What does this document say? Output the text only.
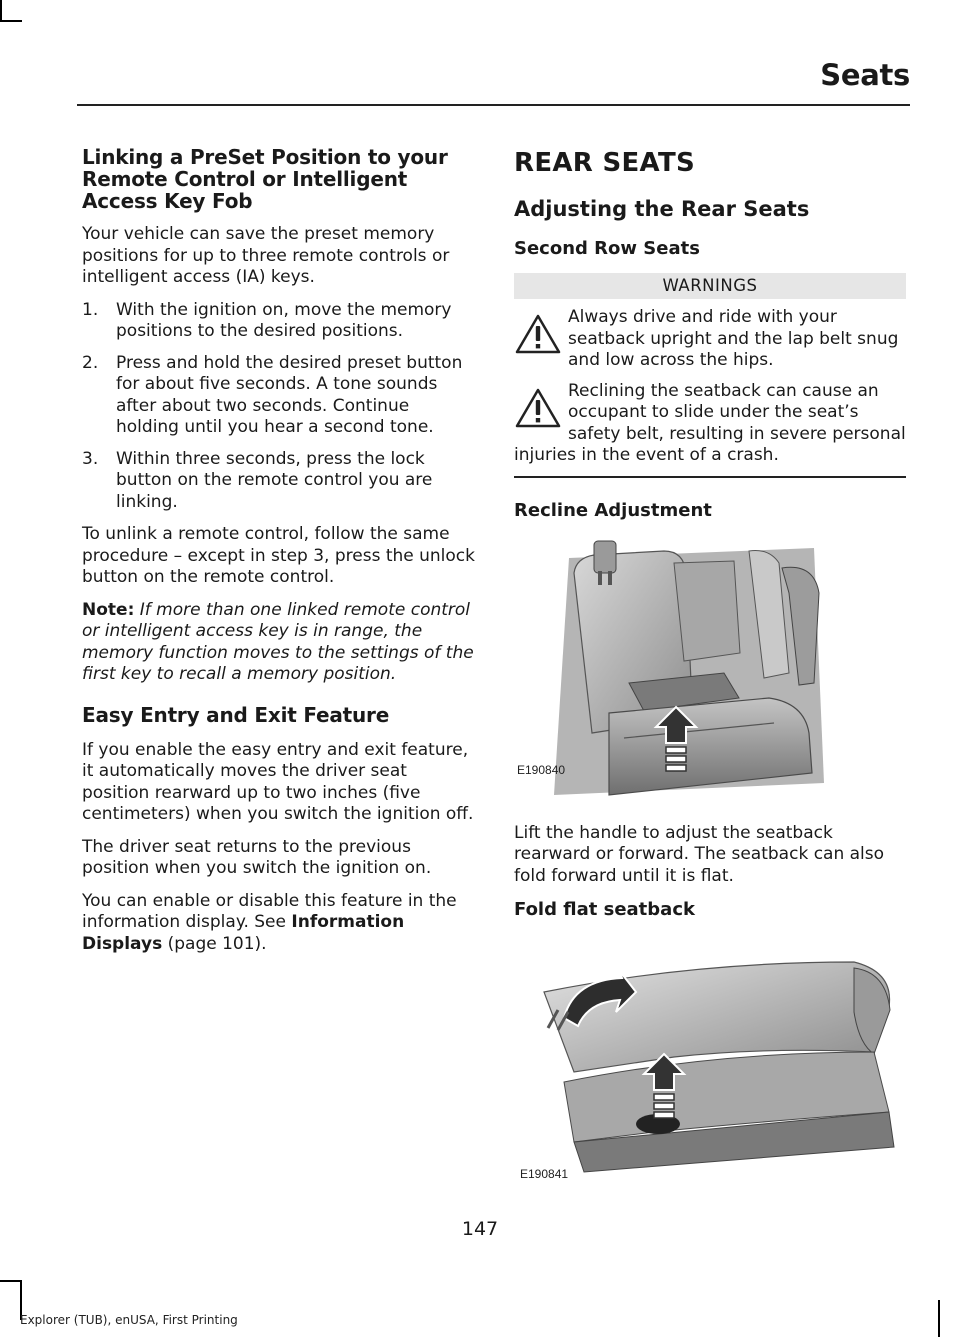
Seats
Linking a PreSet Position to your Remote Control or Intelligent Access Key Fob

Your vehicle can save the preset memory positions for up to three remote controls or intelligent access (IA) keys.

1. With the ignition on, move the memory positions to the desired positions.
2. Press and hold the desired preset button for about five seconds. A tone sounds after about two seconds. Continue holding until you hear a second tone.
3. Within three seconds, press the lock button on the remote control you are linking.

To unlink a remote control, follow the same procedure – except in step 3, press the unlock button on the remote control.

Note: If more than one linked remote control or intelligent access key is in range, the memory function moves to the settings of the first key to recall a memory position.

Easy Entry and Exit Feature

If you enable the easy entry and exit feature, it automatically moves the driver seat position rearward up to two inches (five centimeters) when you switch the ignition off.

The driver seat returns to the previous position when you switch the ignition on.

You can enable or disable this feature in the information display. See Information Displays (page 101).

REAR SEATS
Adjusting the Rear Seats
Second Row Seats
WARNINGS
Always drive and ride with your seatback upright and the lap belt snug and low across the hips.
Reclining the seatback can cause an occupant to slide under the seat’s safety belt, resulting in severe personal injuries in the event of a crash.
Recline Adjustment
E190840

Lift the handle to adjust the seatback rearward or forward. The seatback can also fold forward until it is flat.

Fold flat seatback
E190841
147
Explorer (TUB), enUSA, First Printing
